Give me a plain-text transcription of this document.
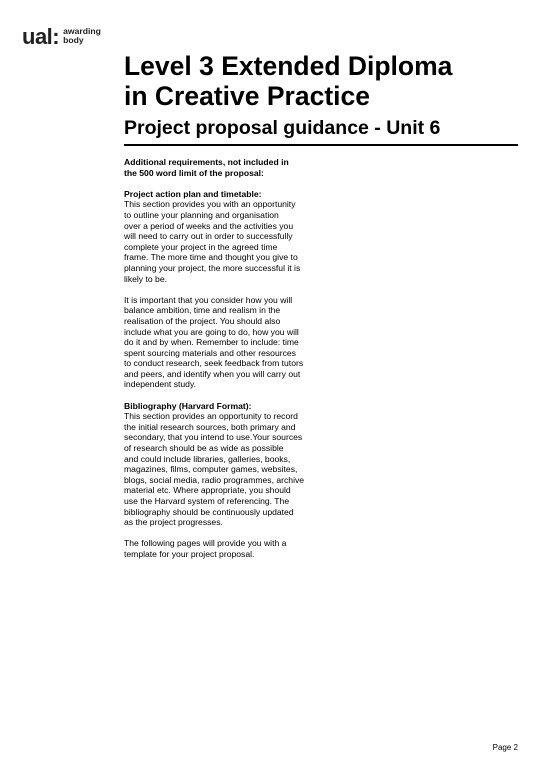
ual: awarding
body
Level 3 Extended Diploma
in Creative Practice
Project proposal guidance - Unit 6

Additional requirements, not included in
the 500 word limit of the proposal:

Project action plan and timetable:

This section provides you with an opportunity
to outline your planning and organisation
over a period of weeks and the activities you
will need to carry out in order to successfully
complete your project in the agreed time
frame. The more time and thought you give to
planning your project, the more successful it is
likely to be.

It is important that you consider how you will
balance ambition, time and realism in the
realisation of the project. You should also
include what you are going to do, how you will
do it and by when. Remember to include: time
spent sourcing materials and other resources
to conduct research, seek feedback from tutors
and peers, and identify when you will carry out
independent study.

Bibliography (Harvard Format):

This section provides an opportunity to record
the initial research sources, both primary and
secondary, that you intend to use.Your sources
of research should be as wide as possible
and could include libraries, galleries, books,
magazines, films, computer games, websites,
blogs, social media, radio programmes, archive
material etc. Where appropriate, you should
use the Harvard system of referencing. The
bibliography should be continuously updated
as the project progresses.

The following pages will provide you with a
template for your project proposal.

Page 2
